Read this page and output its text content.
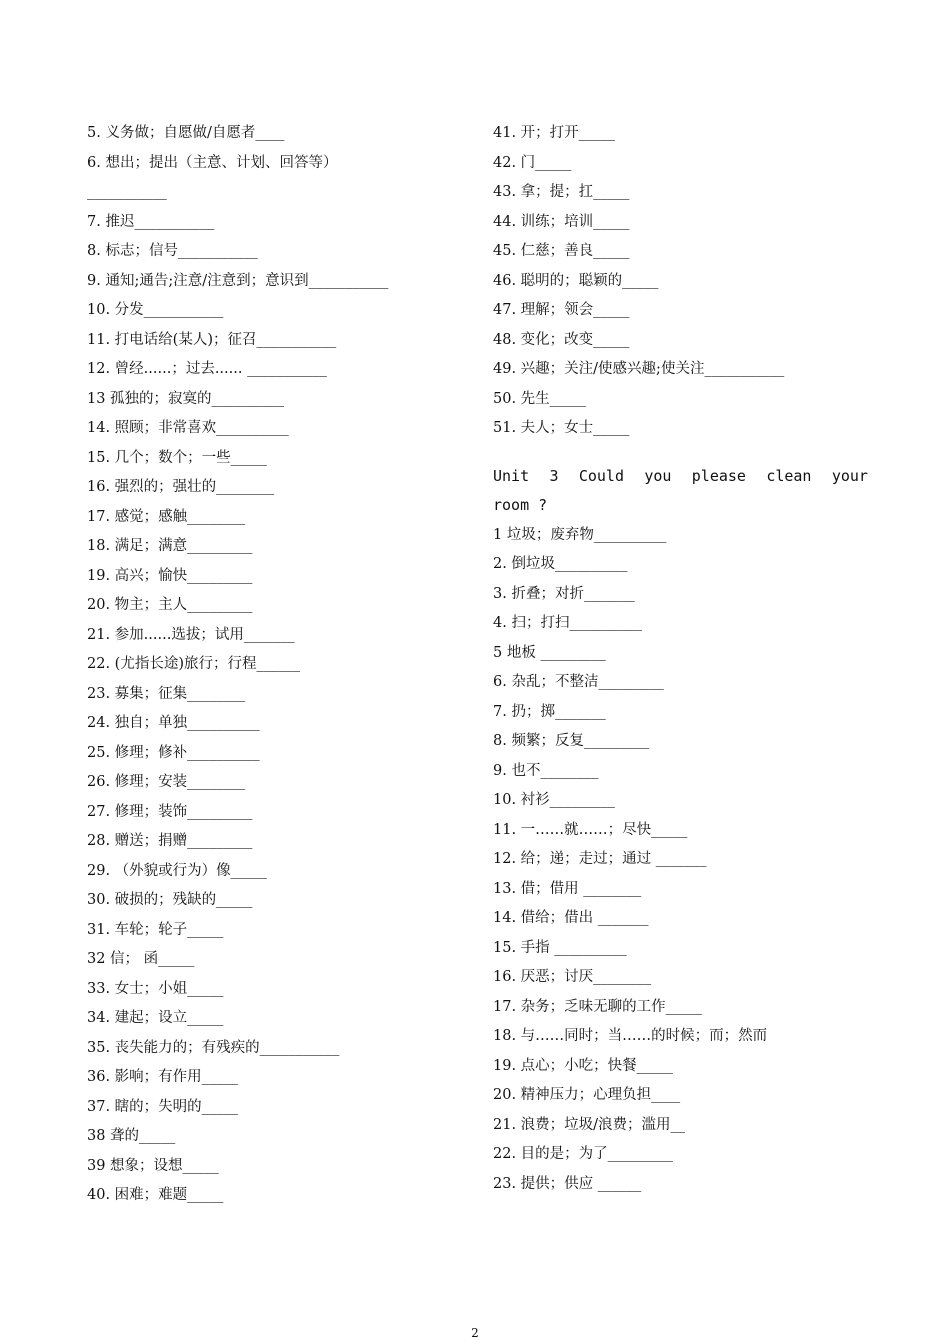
5. 义务做；自愿做/自愿者____
6. 想出；提出（主意、计划、回答等）
___________
7. 推迟___________
8. 标志；信号___________
9. 通知;通告;注意/注意到；意识到___________
10. 分发___________
11. 打电话给(某人)；征召___________
12. 曾经......；过去...... ___________
13 孤独的；寂寞的__________
14. 照顾；非常喜欢__________
15. 几个；数个；一些_____
16. 强烈的；强壮的________
17. 感觉；感触________
18. 满足；满意_________
19. 高兴；愉快_________
20. 物主；主人_________
21. 参加......选拔；试用_______
22. (尤指长途)旅行；行程______
23. 募集；征集________
24. 独自；单独__________
25. 修理；修补__________
26. 修理；安装________
27. 修理；装饰_________
28. 赠送；捐赠_________
29. （外貌或行为）像_____
30. 破损的；残缺的_____
31. 车轮；轮子_____
32 信； 函_____
33. 女士；小姐_____
34. 建起；设立_____
35. 丧失能力的；有残疾的___________
36. 影响；有作用_____
37. 瞎的；失明的_____
38 聋的_____
39 想象；设想_____
40. 困难；难题_____
41. 开；打开_____
42. 门_____
43. 拿；提；扛_____
44. 训练；培训_____
45. 仁慈；善良_____
46. 聪明的；聪颖的_____
47. 理解；领会_____
48. 变化；改变_____
49. 兴趣；关注/使感兴趣;使关注___________
50. 先生_____
51. 夫人；女士_____
Unit 3 Could you please clean your
room ?
1 垃圾；废弃物__________
2. 倒垃圾__________
3. 折叠；对折_______
4. 扫；打扫__________
5 地板 _________
6. 杂乱；不整洁_________
7. 扔；掷_______
8. 频繁；反复_________
9. 也不________
10. 衬衫_________
11. 一……就……；尽快_____
12. 给；递；走过；通过 _______
13. 借；借用 ________
14. 借给；借出 _______
15. 手指 __________
16. 厌恶；讨厌________
17. 杂务；乏味无聊的工作_____
18. 与……同时；当……的时候；而；然而
19. 点心；小吃；快餐_____
20. 精神压力；心理负担____
21. 浪费；垃圾/浪费；滥用__
22. 目的是；为了_________
23. 提供；供应 ______
2
